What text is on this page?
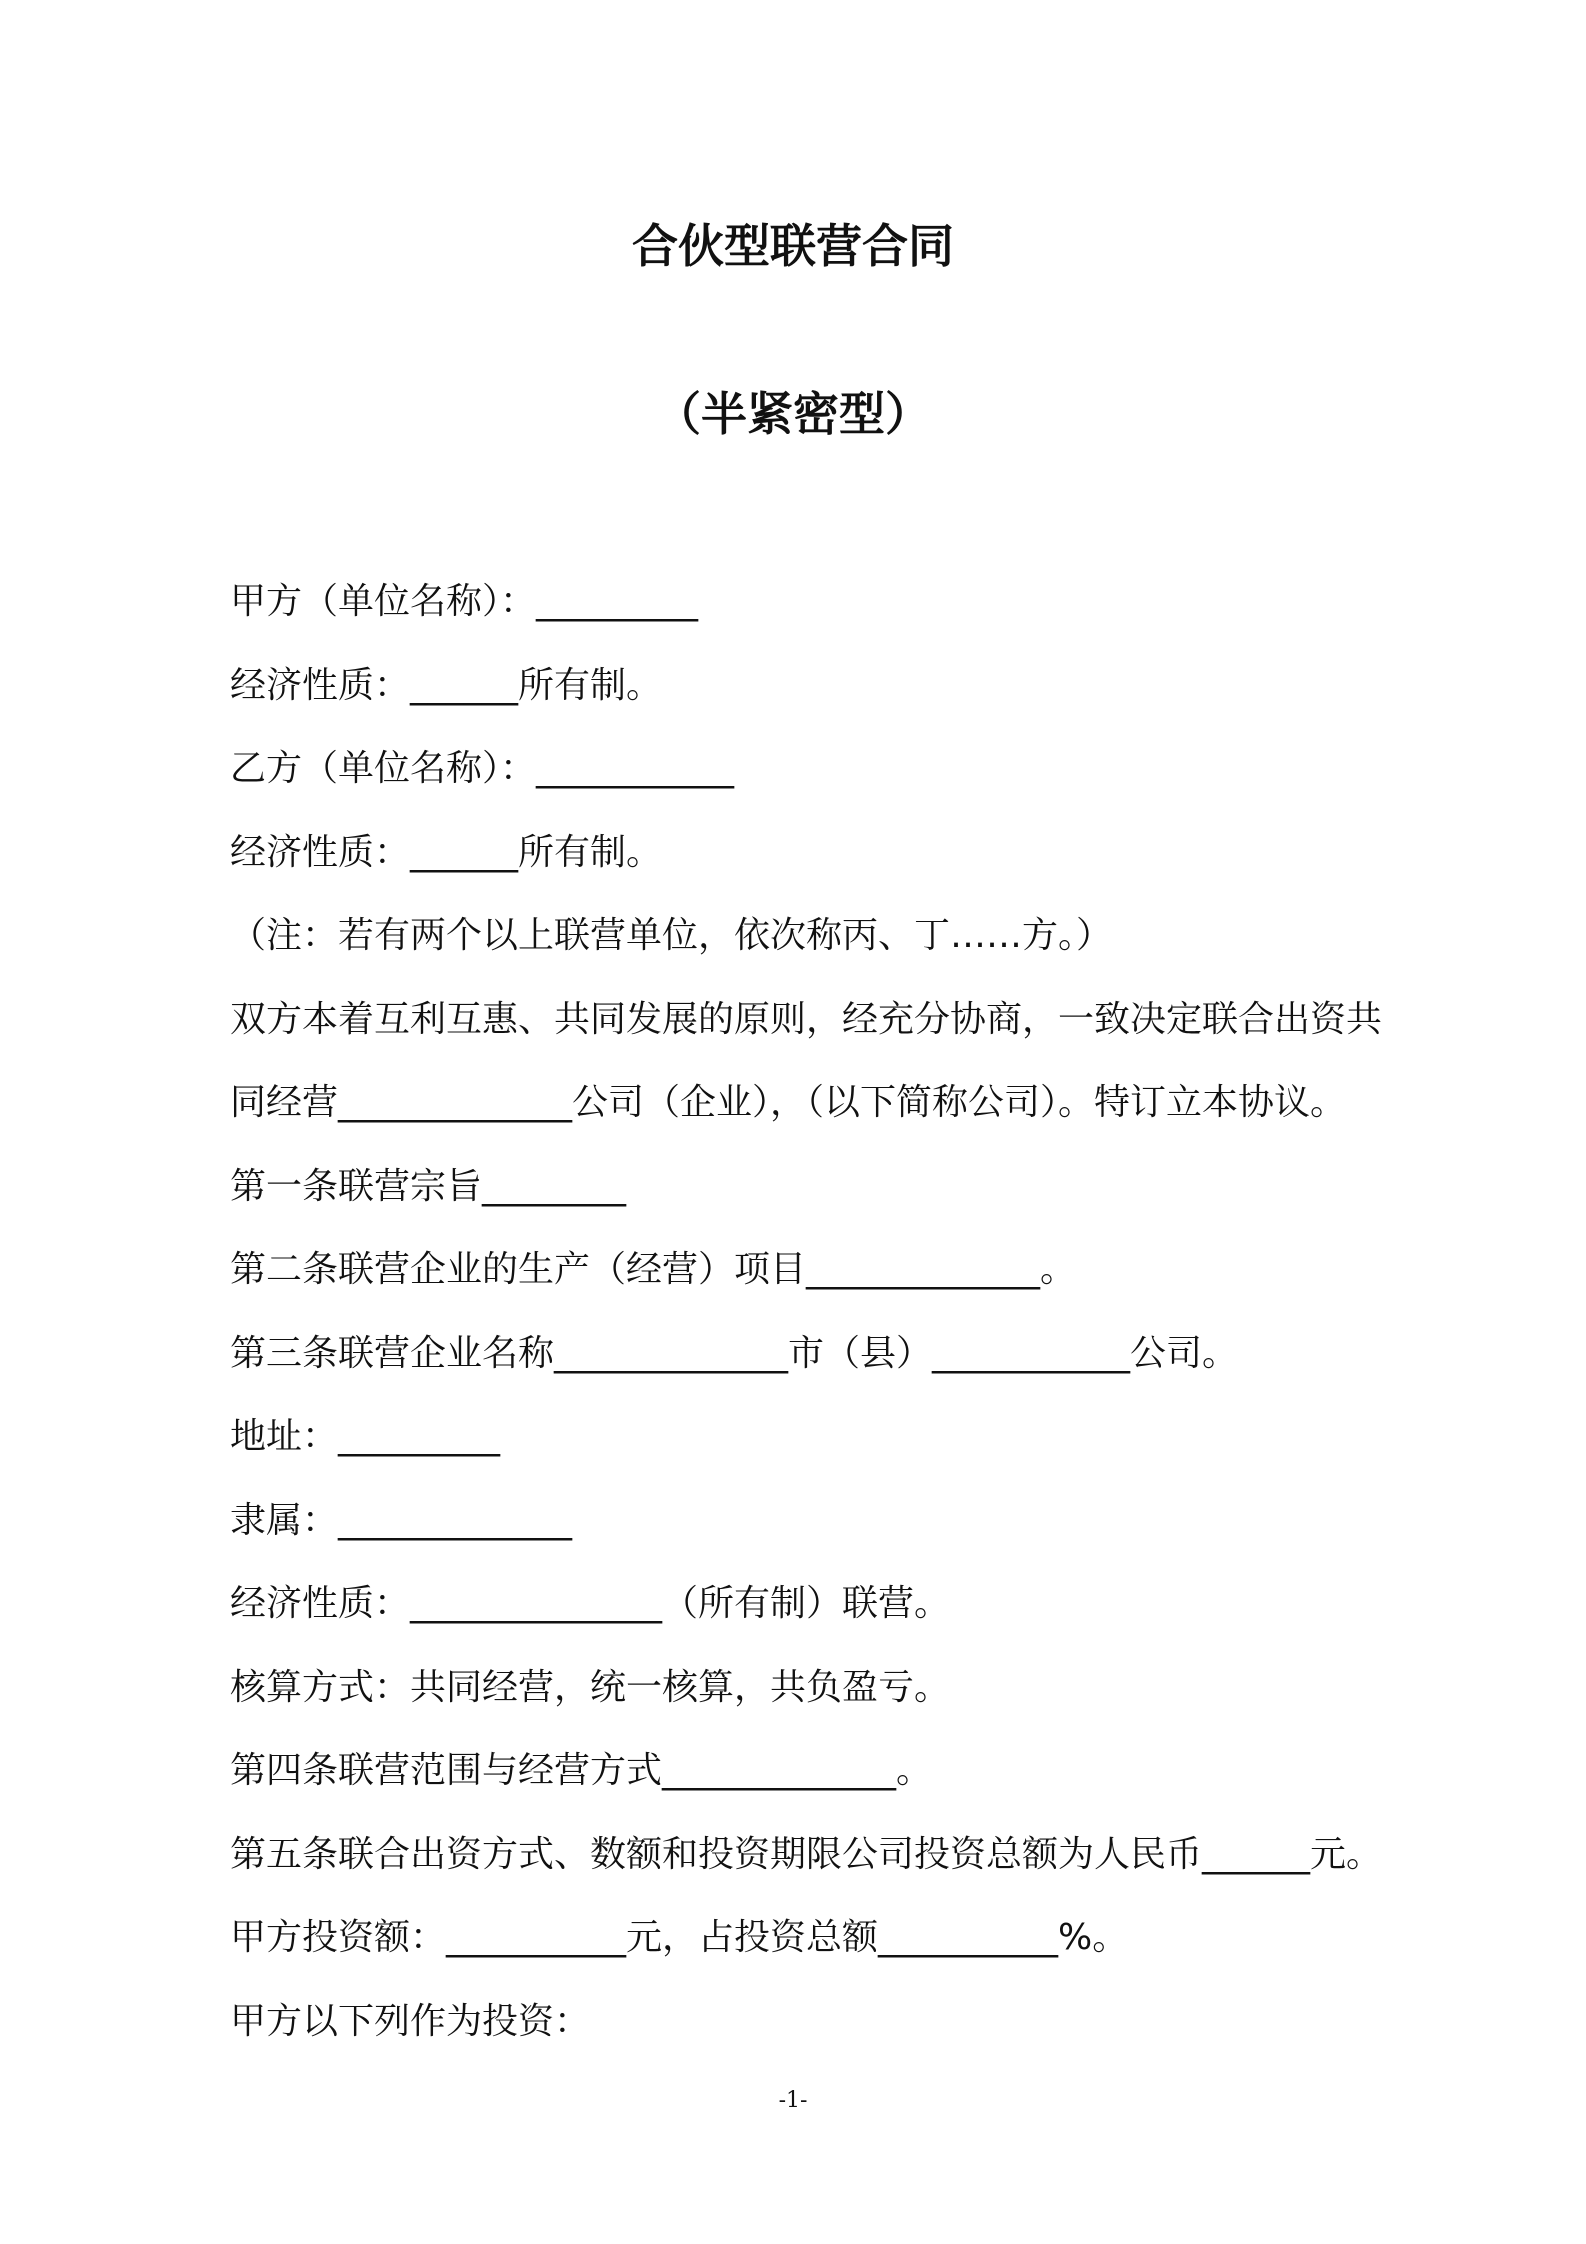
合伙型联营合同
（半紧密型）
甲方（单位名称）：_________
经济性质：______所有制。
乙方（单位名称）：___________
经济性质：______所有制。
（注：若有两个以上联营单位，依次称丙、丁……方。）
双方本着互利互惠、共同发展的原则，经充分协商，一致决定联合出资共
同经营_____________公司（企业），（以下简称公司）。特订立本协议。
第一条联营宗旨________
第二条联营企业的生产（经营）项目_____________。
第三条联营企业名称_____________市（县）___________公司。
地址：_________
隶属：_____________
经济性质：______________（所有制）联营。
核算方式：共同经营，统一核算，共负盈亏。
第四条联营范围与经营方式_____________。
第五条联合出资方式、数额和投资期限公司投资总额为人民币______元。
甲方投资额：__________元，占投资总额__________%。
甲方以下列作为投资：
-1-
